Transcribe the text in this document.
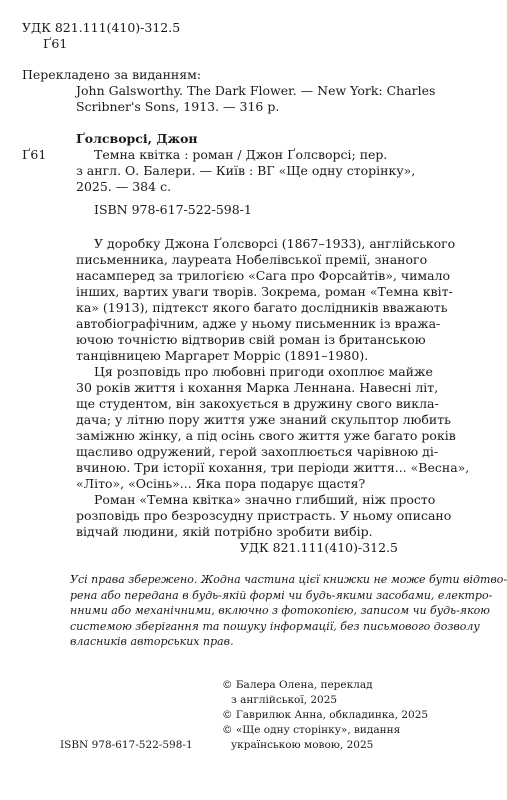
УДК 821.111(410)-312.5
Ґ61
Перекладено за виданням:
John Galsworthy. The Dark Flower. — New York: Charles
Scribner's Sons, 1913. — 316 p.
Ґолсворсі, Джон
Ґ61	Темна квітка : роман / Джон Ґолсворсі; пер.
з англ. О. Балери. — Київ : ВГ «Ще одну сторінку»,
2025. — 384 с.
ISBN 978-617-522-598-1
У доробку Джона Ґолсворсі (1867–1933), англійського
письменника, лауреата Нобелівської премії, знаного
насамперед за трилогією «Сага про Форсайтів», чимало
інших, вартих уваги творів. Зокрема, роман «Темна квіт-
ка» (1913), підтекст якого багато дослідників вважають
автобіографічним, адже у ньому письменник із вража-
ючою точністю відтворив свій роман із британською
танцівницею Маргарет Морріс (1891–1980).
Ця розповідь про любовні пригоди охоплює майже
30 років життя і кохання Марка Леннана. Навесні літ,
ще студентом, він закохується в дружину свого викла-
дача; у літню пору життя уже знаний скульптор любить
заміжню жінку, а під осінь свого життя уже багато років
щасливо одружений, герой захоплюється чарівною ді-
вчиною. Три історії кохання, три періоди життя... «Весна»,
«Літо», «Осінь»... Яка пора подарує щастя?
Роман «Темна квітка» значно глибший, ніж просто
розповідь про безрозсудну пристрасть. У ньому описано
відчай людини, якій потрібно зробити вибір.
УДК 821.111(410)-312.5
Усі права збережено. Жодна частина цієї книжки не може бути відтво-
рена або передана в будь-якій формі чи будь-якими засобами, електро-
нними або механічними, включно з фотокопією, записом чи будь-якою
системою зберігання та пошуку інформації, без письмового дозволу
власників авторських прав.
© Балера Олена, переклад
з англійської, 2025
© Гаврилюк Анна, обкладинка, 2025
© «Ще одну сторінку», видання
українською мовою, 2025
ISBN 978-617-522-598-1
